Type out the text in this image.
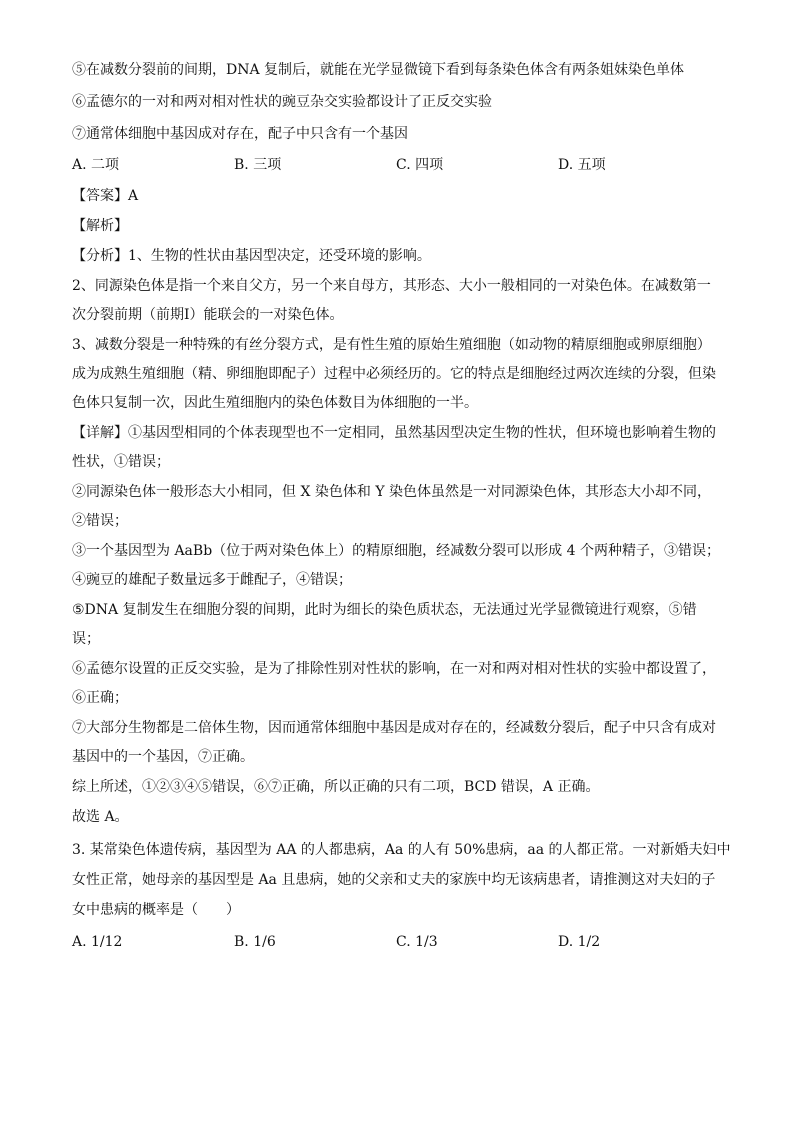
⑤在减数分裂前的间期，DNA 复制后，就能在光学显微镜下看到每条染色体含有两条姐妹染色单体
⑥孟德尔的一对和两对相对性状的豌豆杂交实验都设计了正反交实验
⑦通常体细胞中基因成对存在，配子中只含有一个基因
A. 二项	B. 三项	C. 四项	D. 五项
【答案】A
【解析】
【分析】1、生物的性状由基因型决定，还受环境的影响。
2、同源染色体是指一个来自父方，另一个来自母方，其形态、大小一般相同的一对染色体。在减数第一
次分裂前期（前期Ⅰ）能联会的一对染色体。
3、减数分裂是一种特殊的有丝分裂方式，是有性生殖的原始生殖细胞（如动物的精原细胞或卵原细胞）
成为成熟生殖细胞（精、卵细胞即配子）过程中必须经历的。它的特点是细胞经过两次连续的分裂，但染
色体只复制一次，因此生殖细胞内的染色体数目为体细胞的一半。
【详解】①基因型相同的个体表现型也不一定相同，虽然基因型决定生物的性状，但环境也影响着生物的
性状，①错误；
②同源染色体一般形态大小相同，但 X 染色体和 Y 染色体虽然是一对同源染色体，其形态大小却不同，
②错误；
③一个基因型为 AaBb（位于两对染色体上）的精原细胞，经减数分裂可以形成 4 个两种精子，③错误；
④豌豆的雄配子数量远多于雌配子，④错误；
⑤DNA 复制发生在细胞分裂的间期，此时为细长的染色质状态，无法通过光学显微镜进行观察，⑤错
误；
⑥孟德尔设置的正反交实验，是为了排除性别对性状的影响，在一对和两对相对性状的实验中都设置了，
⑥正确；
⑦大部分生物都是二倍体生物，因而通常体细胞中基因是成对存在的，经减数分裂后，配子中只含有成对
基因中的一个基因，⑦正确。
综上所述，①②③④⑤错误，⑥⑦正确，所以正确的只有二项，BCD 错误，A 正确。
故选 A。
3. 某常染色体遗传病，基因型为 AA 的人都患病，Aa 的人有 50%患病，aa 的人都正常。一对新婚夫妇中
女性正常，她母亲的基因型是 Aa 且患病，她的父亲和丈夫的家族中均无该病患者，请推测这对夫妇的子
女中患病的概率是（　　）
A. 1/12	B. 1/6	C. 1/3	D. 1/2
